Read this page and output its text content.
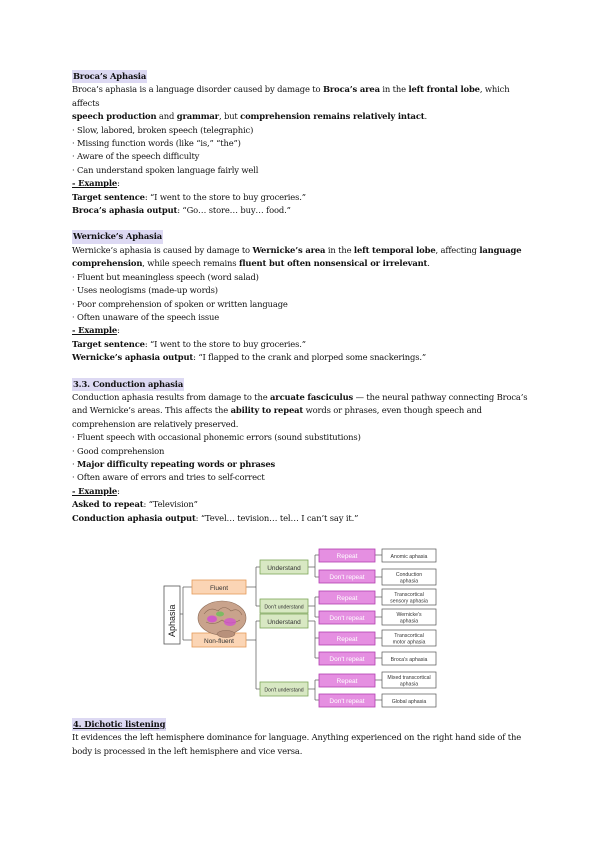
Broca’s Aphasia

Broca’s aphasia is a language disorder caused by damage to Broca’s area in the left frontal lobe, which affects
speech production and grammar, but comprehension remains relatively intact.

· Slow, labored, broken speech (telegraphic)

· Missing function words (like “is,” “the”)

· Aware of the speech difficulty

· Can understand spoken language fairly well

- Example:

Target sentence: “I went to the store to buy groceries.”

Broca’s aphasia output: “Go… store… buy… food.”

Wernicke’s Aphasia

Wernicke’s aphasia is caused by damage to Wernicke’s area in the left temporal lobe, affecting language
comprehension, while speech remains fluent but often nonsensical or irrelevant.

· Fluent but meaningless speech (word salad)

· Uses neologisms (made-up words)

· Poor comprehension of spoken or written language

· Often unaware of the speech issue

- Example:

Target sentence: “I went to the store to buy groceries.”

Wernicke’s aphasia output: “I flapped to the crank and plorped some snackerings.”

3.3. Conduction aphasia

Conduction aphasia results from damage to the arcuate fasciculus — the neural pathway connecting Broca’s
and Wernicke’s areas. This affects the ability to repeat words or phrases, even though speech and
comprehension are relatively preserved.

· Fluent speech with occasional phonemic errors (sound substitutions)

· Good comprehension

· Major difficulty repeating words or phrases

· Often aware of errors and tries to self-correct

- Example:

Asked to repeat: “Television”

Conduction aphasia output: “Tevel… tevision… tel… I can’t say it.”

Aphasia
Fluent
Non-fluent
Understand
Don't understand
Understand
Don't understand
Repeat
Don't repeat
Repeat
Don't repeat
Repeat
Don't repeat
Repeat
Don't repeat
Anomic aphasia
Conduction
aphasia
Transcortical
sensory aphasia
Wernicke's
aphasia
Transcortical
motor aphasia
Broca's aphasia
Mixed transcortical
aphasia
Global aphasia

4. Dichotic listening

It evidences the left hemisphere dominance for language. Anything experienced on the right hand side of the

body is processed in the left hemisphere and vice versa.
